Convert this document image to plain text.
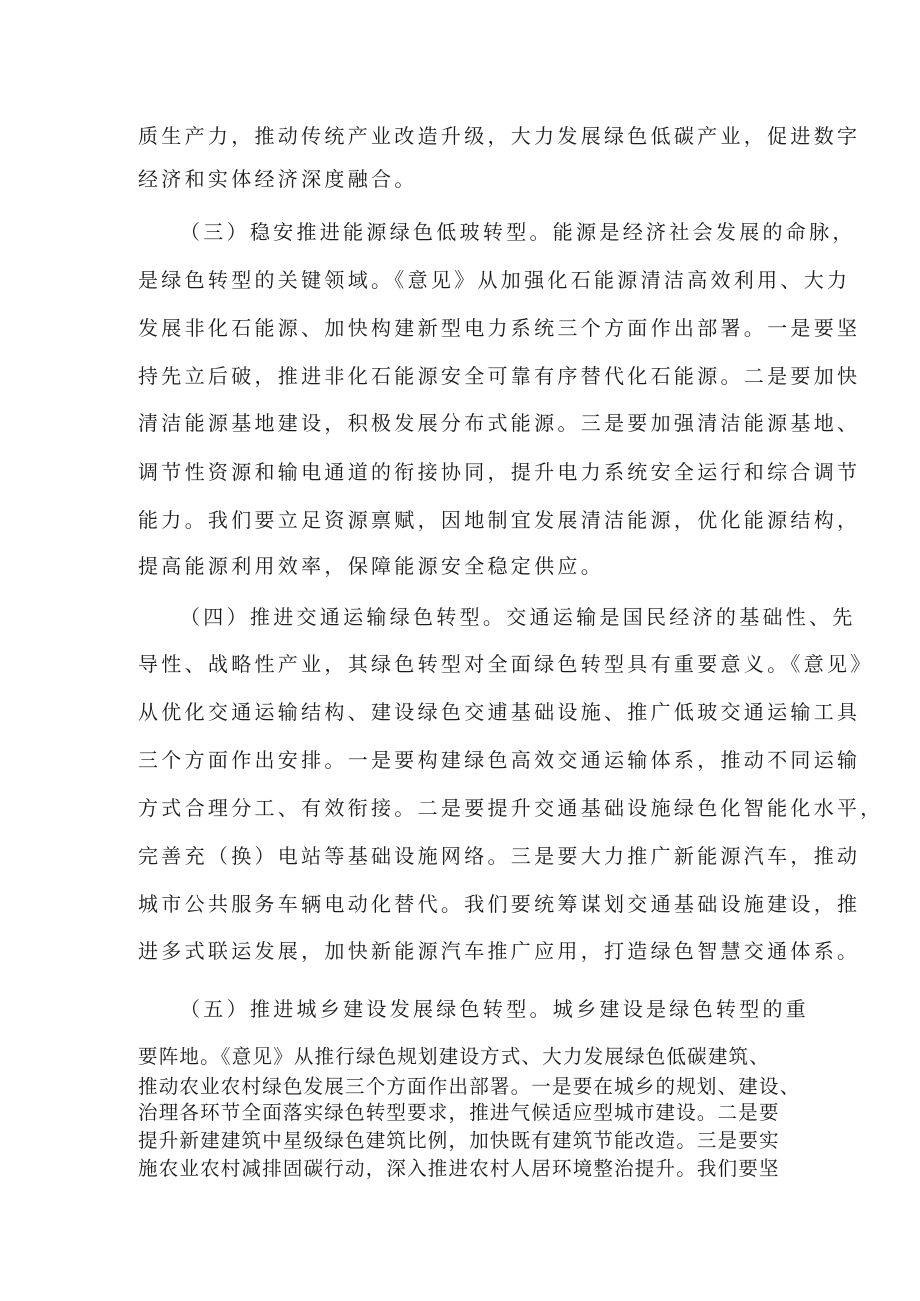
质生产力，推动传统产业改造升级，大力发展绿色低碳产业，促进数字
经济和实体经济深度融合。
（三）稳安推进能源绿色低玻转型。能源是经济社会发展的命脉，
是绿色转型的关键领域。《意见》从加强化石能源清洁高效利用、大力
发展非化石能源、加快构建新型电力系统三个方面作出部署。一是要坚
持先立后破，推进非化石能源安全可靠有序替代化石能源。二是要加快
清洁能源基地建设，积极发展分布式能源。三是要加强清洁能源基地、
调节性资源和输电通道的衔接协同，提升电力系统安全运行和综合调节
能力。我们要立足资源禀赋，因地制宜发展清洁能源，优化能源结构，
提高能源利用效率，保障能源安全稳定供应。
（四）推进交通运输绿色转型。交通运输是国民经济的基础性、先
导性、战略性产业，其绿色转型对全面绿色转型具有重要意义。《意见》
从优化交通运输结构、建设绿色交逋基础设施、推广低玻交通运输工具
三个方面作出安排。一是要构建绿色高效交通运输体系，推动不同运输
方式合理分工、有效衔接。二是要提升交通基础设施绿色化智能化水平，
完善充（换）电站等基础设施网络。三是要大力推广新能源汽车，推动
城市公共服务车辆电动化替代。我们要统筹谋划交通基础设施建设，推
进多式联运发展，加快新能源汽车推广应用，打造绿色智慧交通体系。
（五）推进城乡建设发展绿色转型。城乡建设是绿色转型的重
要阵地。《意见》从推行绿色规划建设方式、大力发展绿色低碳建筑、
推动农业农村绿色发展三个方面作出部署。一是要在城乡的规划、建设、
治理各环节全面落实绿色转型要求，推进气候适应型城市建设。二是要
提升新建建筑中星级绿色建筑比例，加快既有建筑节能改造。三是要实
施农业农村减排固碳行动，深入推进农村人居环境整治提升。我们要坚
